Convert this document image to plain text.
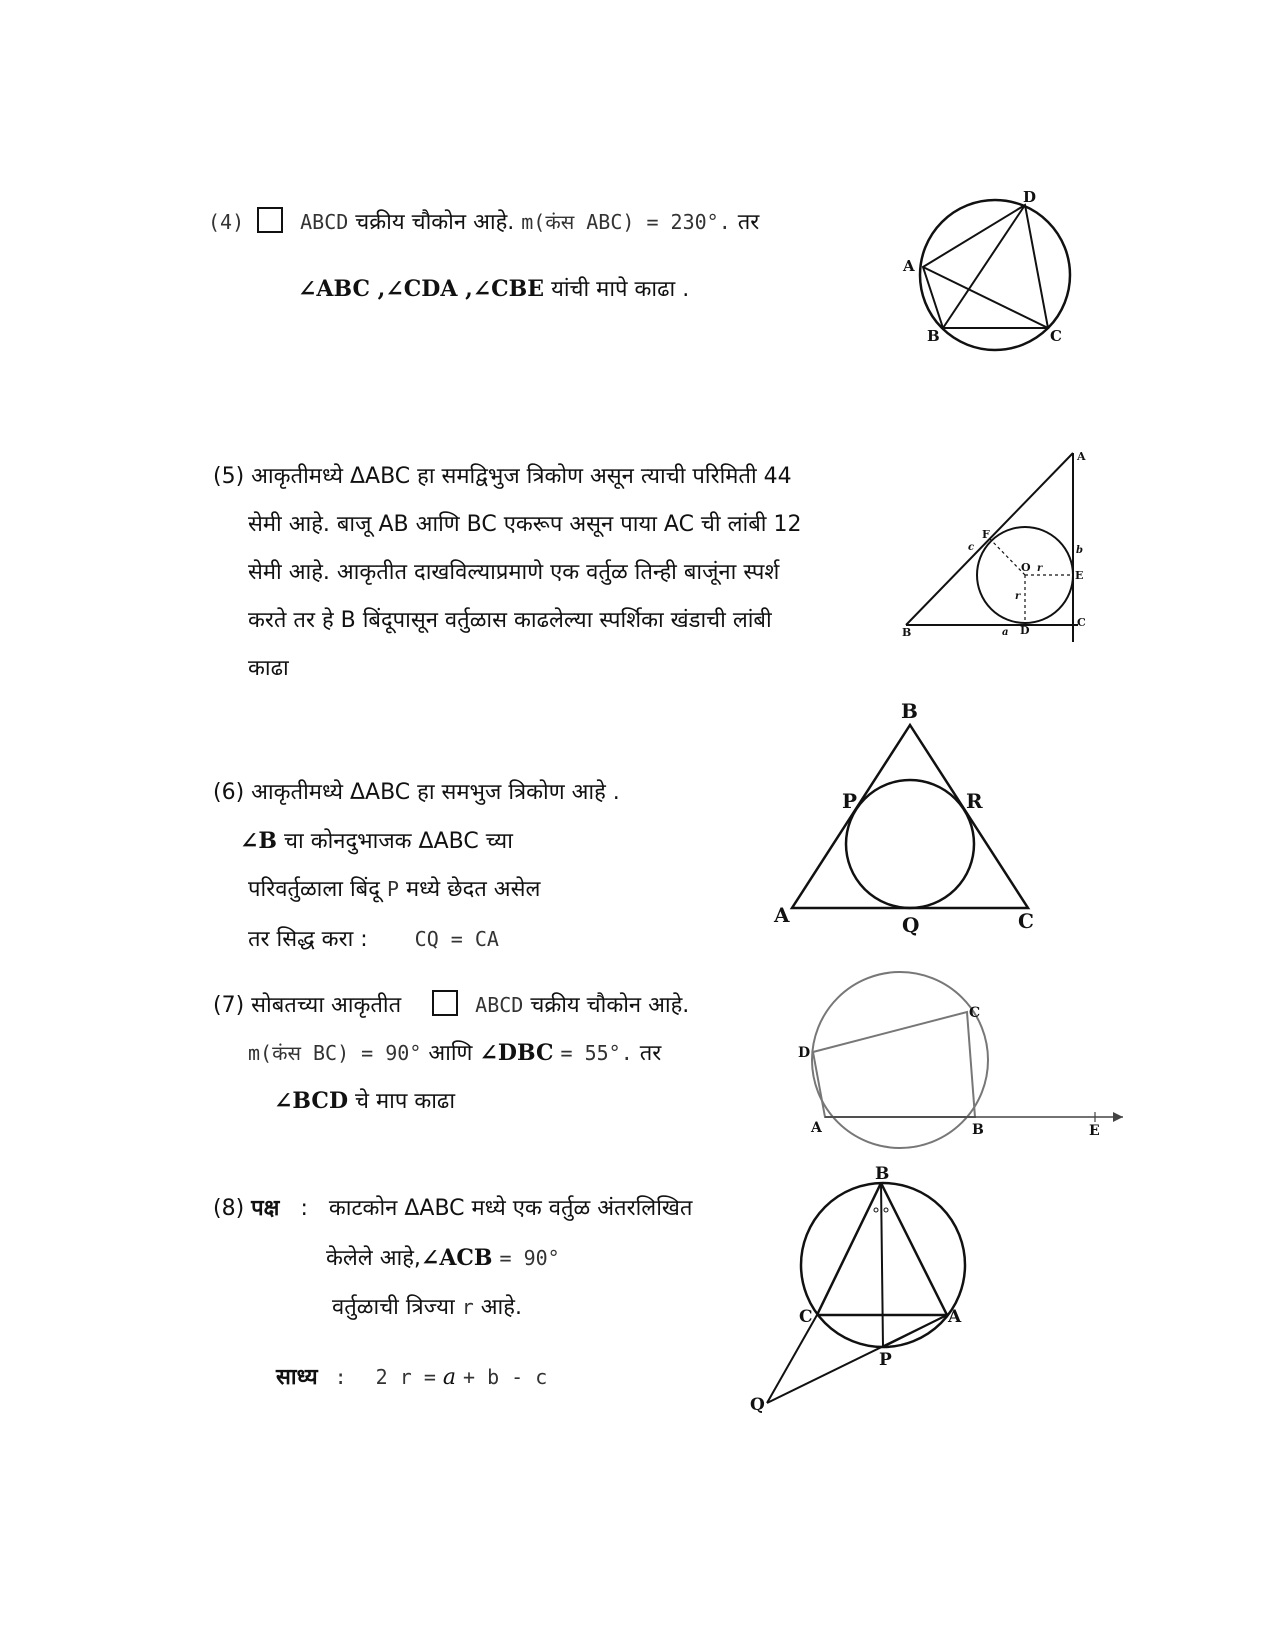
(4)	ABCD चक्रीय चौकोन आहे. m(कंस ABC) = 230°. तर
∠ABC ,∠CDA ,∠CBE यांची मापे काढा .
D
A
B	C
(5) आकृतीमध्ये ΔABC हा समद्विभुज त्रिकोण असून त्याची परिमिती 44
सेमी आहे. बाजू AB आणि BC एकरूप असून पाया AC ची लांबी 12
सेमी आहे. आकृतीत दाखविल्याप्रमाणे एक वर्तुळ तिन्ही बाजूंना स्पर्श
करते तर हे B बिंदूपासून वर्तुळास काढलेल्या स्पर्शिका खंडाची लांबी
काढा
A
B
C
D
E
F
O r
r
a
b
c
(6) आकृतीमध्ये ΔABC हा समभुज त्रिकोण आहे .
∠B चा कोनदुभाजक ΔABC च्या
परिवर्तुळाला बिंदू P मध्ये छेदत असेल
तर सिद्ध करा : CQ = CA
B
P	R
A	Q	C
(7) सोबतच्या आकृतीत	ABCD चक्रीय चौकोन आहे.
m(कंस BC) = 90° आणि ∠DBC = 55°. तर
∠BCD चे माप काढा
C
D
A	B	E
(8) पक्ष : काटकोन ΔABC मध्ये एक वर्तुळ अंतरलिखित
केलेले आहे,∠ACB = 90°
वर्तुळाची त्रिज्या r आहे.
साध्य : 2 r = a + b - c
B
C	A
P
Q
